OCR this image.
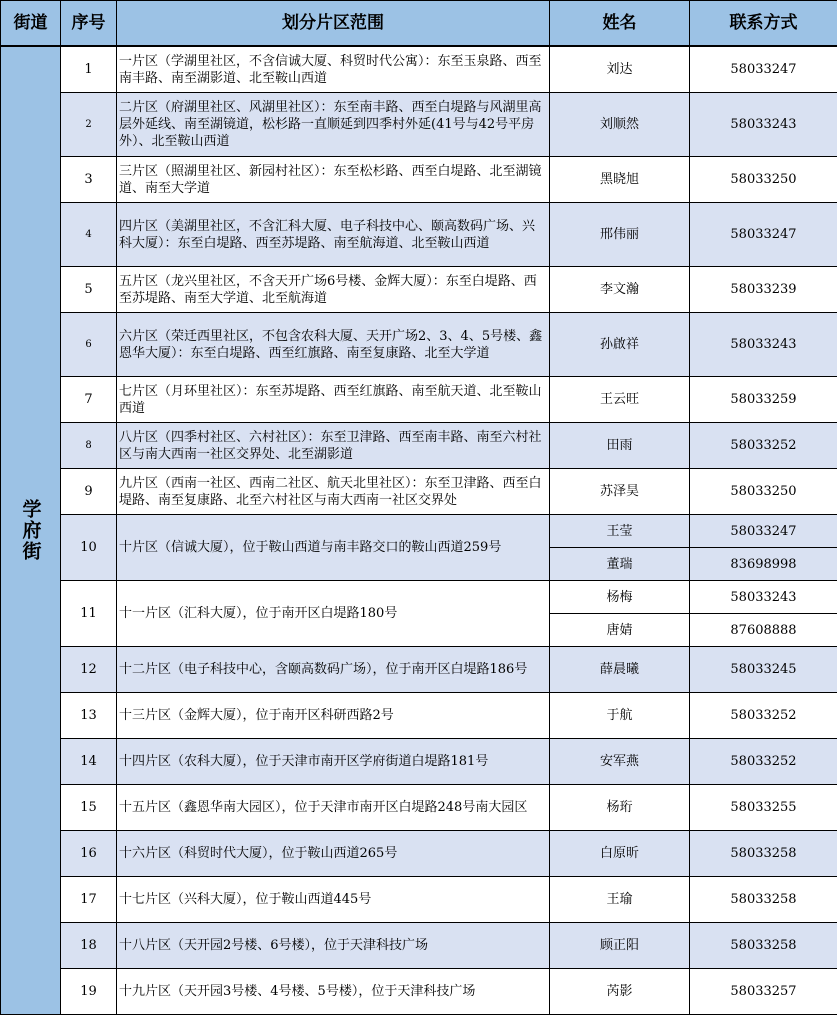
街道	序号	划分片区范围	姓名	联系方式
学府街	1	一片区（学湖里社区，不含信诚大厦、科贸时代公寓）：东至玉泉路、西至南丰路、南至湖影道、北至鞍山西道	刘达	58033247
	2	二片区（府湖里社区、风湖里社区）：东至南丰路、西至白堤路与风湖里高层外延线、南至湖镜道，松杉路一直顺延到四季村外延(41号与42号平房外）、北至鞍山西道	刘顺然	58033243
	3	三片区（照湖里社区、新园村社区）：东至松杉路、西至白堤路、北至湖镜道、南至大学道	黑晓旭	58033250
	4	四片区（美湖里社区，不含汇科大厦、电子科技中心、颐高数码广场、兴科大厦）：东至白堤路、西至苏堤路、南至航海道、北至鞍山西道	邢伟丽	58033247
	5	五片区（龙兴里社区，不含天开广场6号楼、金辉大厦）：东至白堤路、西至苏堤路、南至大学道、北至航海道	李文瀚	58033239
	6	六片区（荣迁西里社区，不包含农科大厦、天开广场2、3、4、5号楼、鑫恩华大厦）：东至白堤路、西至红旗路、南至复康路、北至大学道	孙啟祥	58033243
	7	七片区（月环里社区）：东至苏堤路、西至红旗路、南至航天道、北至鞍山西道	王云旺	58033259
	8	八片区（四季村社区、六村社区）：东至卫津路、西至南丰路、南至六村社区与南大西南一社区交界处、北至湖影道	田雨	58033252
	9	九片区（西南一社区、西南二社区、航天北里社区）：东至卫津路、西至白堤路、南至复康路、北至六村社区与南大西南一社区交界处	苏泽昊	58033250
	10	十片区（信诚大厦），位于鞍山西道与南丰路交口的鞍山西道259号	王莹	58033247
			董瑞	83698998
	11	十一片区（汇科大厦），位于南开区白堤路180号	杨梅	58033243
			唐婧	87608888
	12	十二片区（电子科技中心，含颐高数码广场），位于南开区白堤路186号	薛晨曦	58033245
	13	十三片区（金辉大厦），位于南开区科研西路2号	于航	58033252
	14	十四片区（农科大厦），位于天津市南开区学府街道白堤路181号	安军燕	58033252
	15	十五片区（鑫恩华南大园区），位于天津市南开区白堤路248号南大园区	杨珩	58033255
	16	十六片区（科贸时代大厦），位于鞍山西道265号	白原昕	58033258
	17	十七片区（兴科大厦），位于鞍山西道445号	王瑜	58033258
	18	十八片区（天开园2号楼、6号楼），位于天津科技广场	顾正阳	58033258
	19	十九片区（天开园3号楼、4号楼、5号楼），位于天津科技广场	芮影	58033257
